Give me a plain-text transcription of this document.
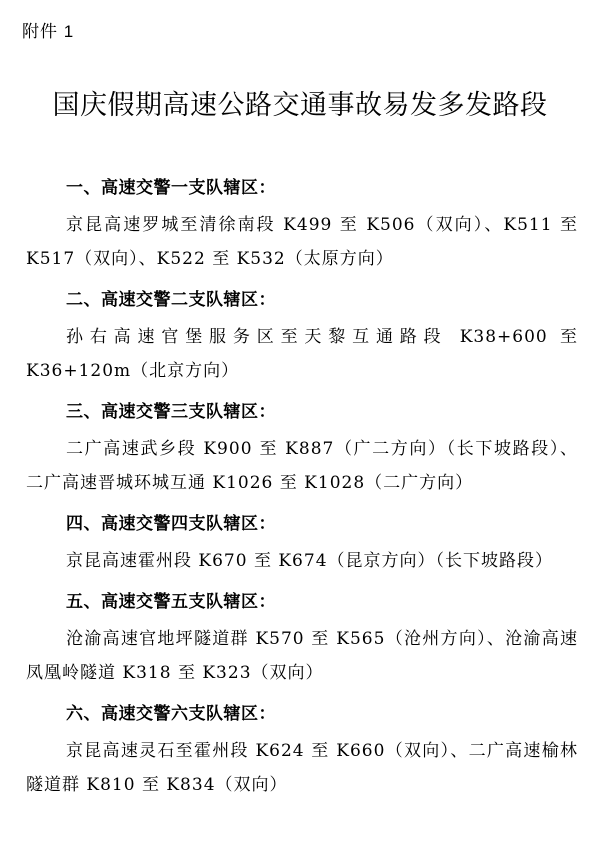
附件 1
国庆假期高速公路交通事故易发多发路段
一、高速交警一支队辖区：

京昆高速罗城至清徐南段 K499 至 K506（双向）、K511 至 K517（双向）、K522 至 K532（太原方向）

二、高速交警二支队辖区：

孙右高速官堡服务区至天黎互通路段 K38+600 至 K36+120m（北京方向）

三、高速交警三支队辖区：

二广高速武乡段 K900 至 K887（广二方向）（长下坡路段）、二广高速晋城环城互通 K1026 至 K1028（二广方向）

四、高速交警四支队辖区：

京昆高速霍州段 K670 至 K674（昆京方向）（长下坡路段）

五、高速交警五支队辖区：

沧渝高速官地坪隧道群 K570 至 K565（沧州方向）、沧渝高速凤凰岭隧道 K318 至 K323（双向）

六、高速交警六支队辖区：

京昆高速灵石至霍州段 K624 至 K660（双向）、二广高速榆林隧道群 K810 至 K834（双向）
